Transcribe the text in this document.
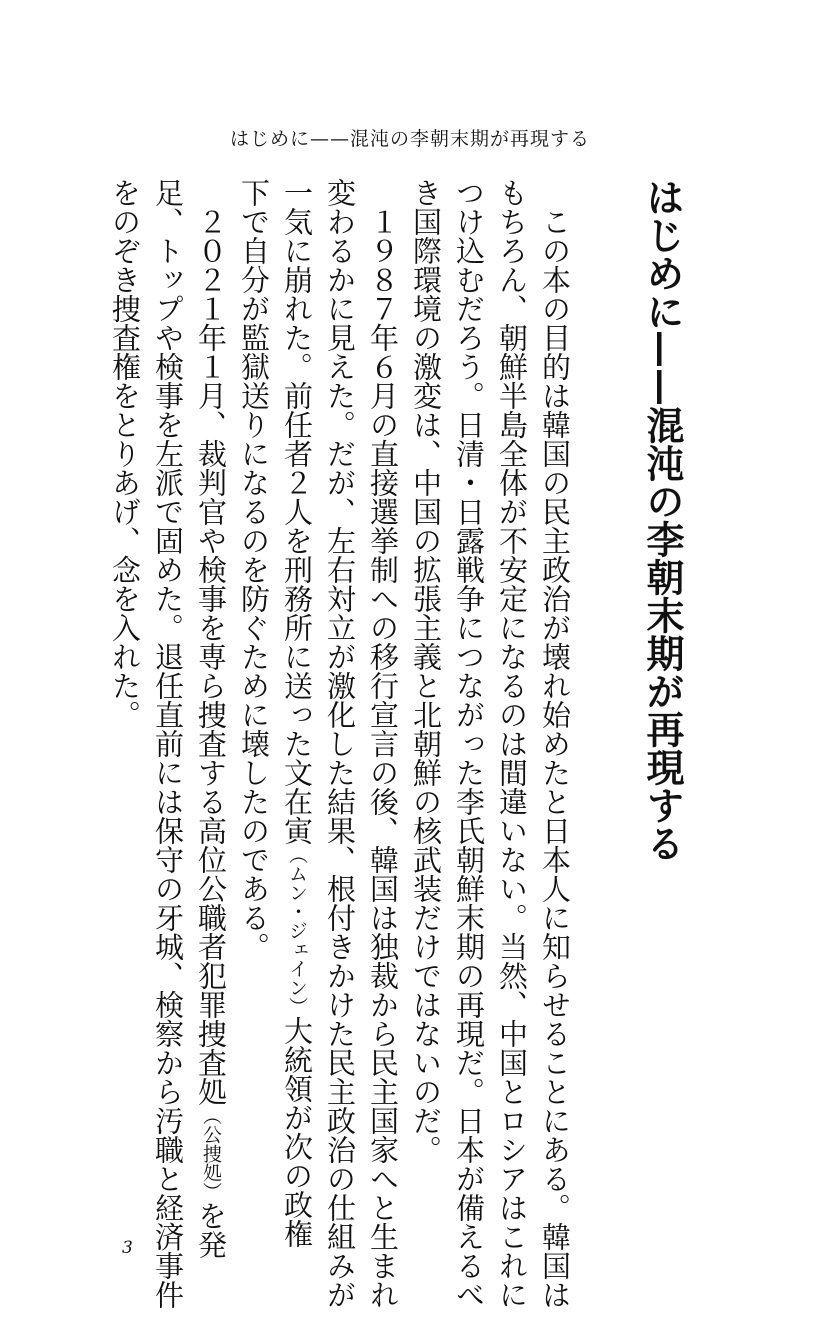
はじめに——混沌の李朝末期が再現する
はじめに——混沌の李朝末期が再現する
　この本の目的は韓国の民主政治が壊れ始めたと日本人に知らせることにある。韓国は
もちろん、朝鮮半島全体が不安定になるのは間違いない。当然、中国とロシアはこれに
つけ込むだろう。日清・日露戦争につながった李氏朝鮮末期の再現だ。日本が備えるべ
き国際環境の激変は、中国の拡張主義と北朝鮮の核武装だけではないのだ。
　１９８７年６月の直接選挙制への移行宣言の後、韓国は独裁から民主国家へと生まれ
変わるかに見えた。だが、左右対立が激化した結果、根付きかけた民主政治の仕組みが
一気に崩れた。前任者２人を刑務所に送った文在寅（ムン・ジェイン）大統領が次の政権
下で自分が監獄送りになるのを防ぐために壊したのである。
　２０２１年１月、裁判官や検事を専ら捜査する高位公職者犯罪捜査処（公捜処）を発
足、トップや検事を左派で固めた。退任直前には保守の牙城、検察から汚職と経済事件
をのぞき捜査権をとりあげ、念を入れた。
3
